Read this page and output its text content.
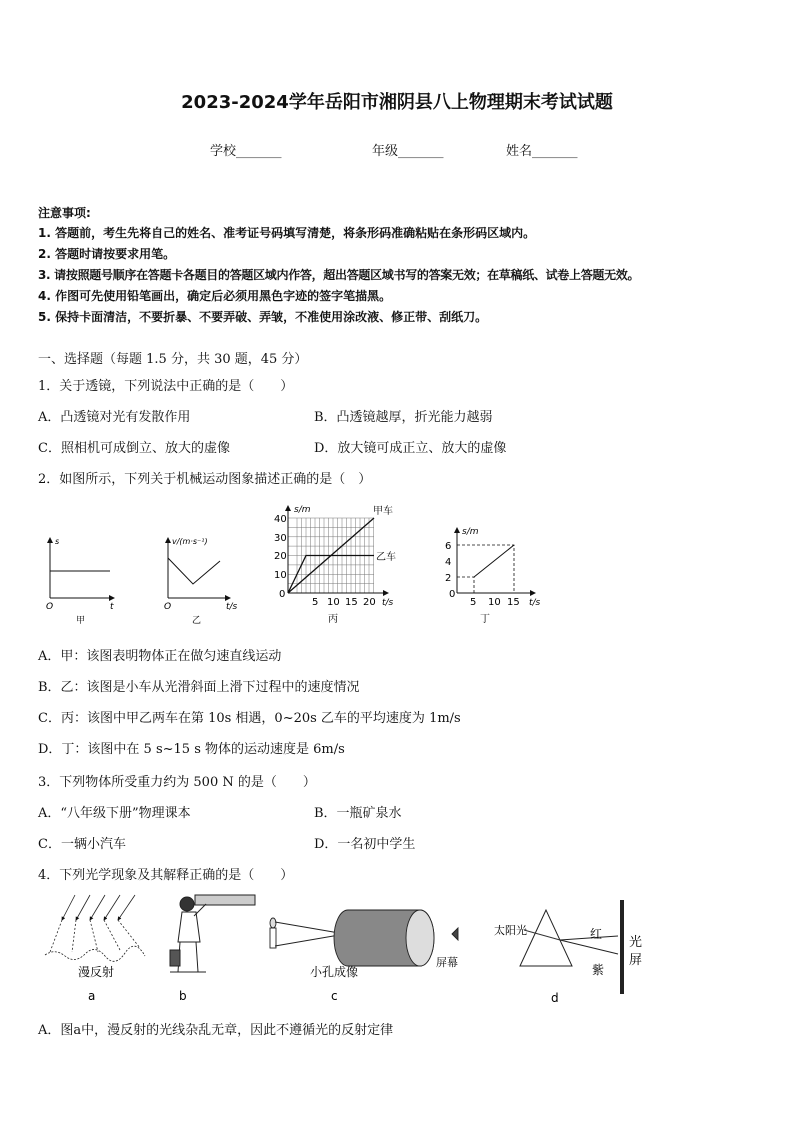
2023-2024学年岳阳市湘阴县八上物理期末考试试题
学校_______	年级_______	姓名_______
注意事项:
1. 答题前，考生先将自己的姓名、准考证号码填写清楚，将条形码准确粘贴在条形码区域内。
2. 答题时请按要求用笔。
3. 请按照题号顺序在答题卡各题目的答题区域内作答，超出答题区域书写的答案无效；在草稿纸、试卷上答题无效。
4. 作图可先使用铅笔画出，确定后必须用黑色字迹的签字笔描黑。
5. 保持卡面清洁，不要折暴、不要弄破、弄皱，不准使用涂改液、修正带、刮纸刀。
一、选择题（每题 1.5 分，共 30 题，45 分）
1．关于透镜，下列说法中正确的是（　　）
A．凸透镜对光有发散作用	B．凸透镜越厚，折光能力越弱
C．照相机可成倒立、放大的虚像	D．放大镜可成正立、放大的虚像
2．如图所示，下列关于机械运动图象描述正确的是（　）
s
O	t
甲
v/(m·s⁻¹)
O	t/s
乙
s/m	甲车
乙车
40
30
20
10
0
5 10 15 20 t/s
丙
s/m
6
4
2
0
5 10 15 t/s
丁
A．甲：该图表明物体正在做匀速直线运动
B．乙：该图是小车从光滑斜面上滑下过程中的速度情况
C．丙：该图中甲乙两车在第 10s 相遇，0~20s 乙车的平均速度为 1m/s
D．丁：该图中在 5 s~15 s 物体的运动速度是 6m/s
3．下列物体所受重力约为 500 N 的是（　　）
A．“八年级下册”物理课本	B．一瓶矿泉水
C．一辆小汽车	D．一名初中学生
4．下列光学现象及其解释正确的是（　　）
漫反射
a	b
小孔成像
屏幕
c
太阳光	红
紫
光
屏
d
A．图a中，漫反射的光线杂乱无章，因此不遵循光的反射定律
